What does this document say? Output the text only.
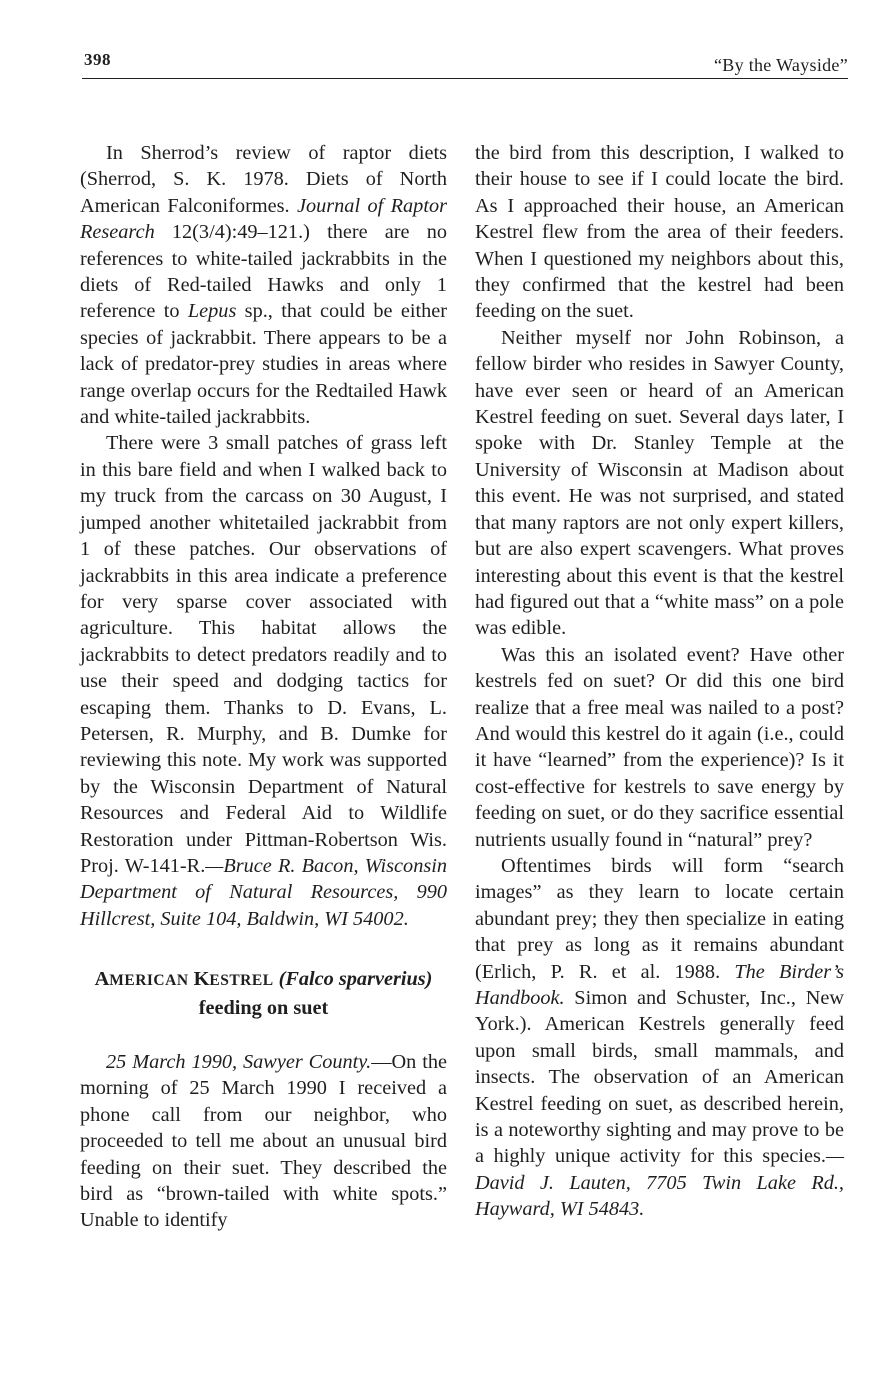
398	“By the Wayside”

In Sherrod’s review of raptor diets (Sherrod, S. K. 1978. Diets of North American Falconiformes. Journal of Raptor Research 12(3/4):49–121.) there are no references to white-tailed jackrabbits in the diets of Red-tailed Hawks and only 1 reference to Lepus sp., that could be either species of jackrabbit. There appears to be a lack of predator-prey studies in areas where range overlap occurs for the Redtailed Hawk and white-tailed jackrabbits.

There were 3 small patches of grass left in this bare field and when I walked back to my truck from the carcass on 30 August, I jumped another whitetailed jackrabbit from 1 of these patches. Our observations of jackrabbits in this area indicate a preference for very sparse cover associated with agriculture. This habitat allows the jackrabbits to detect predators readily and to use their speed and dodging tactics for escaping them. Thanks to D. Evans, L. Petersen, R. Murphy, and B. Dumke for reviewing this note. My work was supported by the Wisconsin Department of Natural Resources and Federal Aid to Wildlife Restoration under Pittman-Robertson Wis. Proj. W-141-R.—Bruce R. Bacon, Wisconsin Department of Natural Resources, 990 Hillcrest, Suite 104, Baldwin, WI 54002.

AMERICAN KESTREL (Falco sparverius) feeding on suet

25 March 1990, Sawyer County.—On the morning of 25 March 1990 I received a phone call from our neighbor, who proceeded to tell me about an unusual bird feeding on their suet. They described the bird as “brown-tailed with white spots.” Unable to identify

the bird from this description, I walked to their house to see if I could locate the bird. As I approached their house, an American Kestrel flew from the area of their feeders. When I questioned my neighbors about this, they confirmed that the kestrel had been feeding on the suet.

Neither myself nor John Robinson, a fellow birder who resides in Sawyer County, have ever seen or heard of an American Kestrel feeding on suet. Several days later, I spoke with Dr. Stanley Temple at the University of Wisconsin at Madison about this event. He was not surprised, and stated that many raptors are not only expert killers, but are also expert scavengers. What proves interesting about this event is that the kestrel had figured out that a “white mass” on a pole was edible.

Was this an isolated event? Have other kestrels fed on suet? Or did this one bird realize that a free meal was nailed to a post? And would this kestrel do it again (i.e., could it have “learned” from the experience)? Is it cost-effective for kestrels to save energy by feeding on suet, or do they sacrifice essential nutrients usually found in “natural” prey?

Oftentimes birds will form “search images” as they learn to locate certain abundant prey; they then specialize in eating that prey as long as it remains abundant (Erlich, P. R. et al. 1988. The Birder’s Handbook. Simon and Schuster, Inc., New York.). American Kestrels generally feed upon small birds, small mammals, and insects. The observation of an American Kestrel feeding on suet, as described herein, is a noteworthy sighting and may prove to be a highly unique activity for this species.—David J. Lauten, 7705 Twin Lake Rd., Hayward, WI 54843.
